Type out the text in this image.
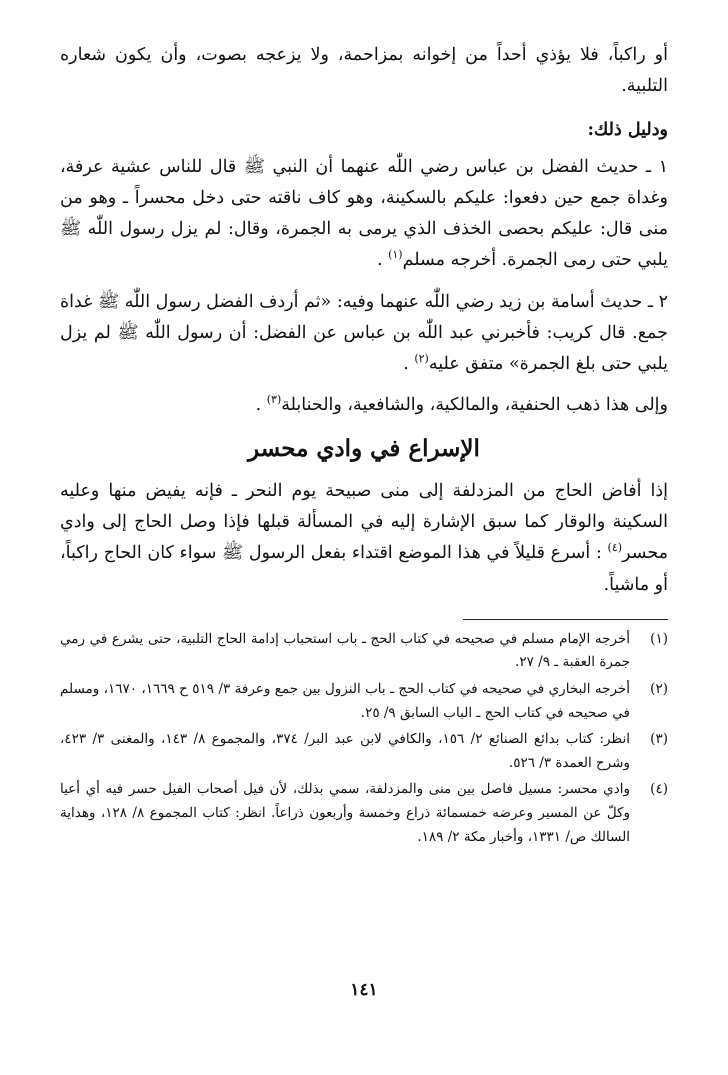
أو راكباً، فلا يؤذي أحداً من إخوانه بمزاحمة، ولا يزعجه بصوت، وأن يكون شعاره التلبية.

ودليل ذلك:

١ ـ حديث الفضل بن عباس رضي اللّٰه عنهما أن النبي ﷺ قال للناس عشية عرفة، وغداة جمع حين دفعوا: عليكم بالسكينة، وهو كاف ناقته حتى دخل محسراً ـ وهو من منى قال: عليكم بحصى الخذف الذي يرمى به الجمرة، وقال: لم يزل رسول اللّٰه ﷺ يلبي حتى رمى الجمرة. أخرجه مسلم$^{(١)}$ .

٢ ـ حديث أسامة بن زيد رضي اللّٰه عنهما وفيه: «ثم أردف الفضل رسول اللّٰه ﷺ غداة جمع. قال كريب: فأخبرني عبد اللّٰه بن عباس عن الفضل: أن رسول اللّٰه ﷺ لم يزل يلبي حتى بلغ الجمرة» متفق عليه$^{(٢)}$ .

وإلى هذا ذهب الحنفية، والمالكية، والشافعية، والحنابلة$^{(٣)}$ .

الإسراع في وادي محسر

إذا أفاض الحاج من المزدلفة إلى منى صبيحة يوم النحر ـ فإنه يفيض منها وعليه السكينة والوقار كما سبق الإشارة إليه في المسألة قبلها فإذا وصل الحاج إلى وادي محسر$^{(٤)}$ : أسرع قليلاً في هذا الموضع اقتداء بفعل الرسول ﷺ سواء كان الحاج راكباً، أو ماشياً.

(١)
أخرجه الإمام مسلم في صحيحه في كتاب الحج ـ باب استحباب إدامة الحاج التلبية، حتى يشرع في رمي جمرة العقبة ـ ٩/ ٢٧.
(٢)
أخرجه البخاري في صحيحه في كتاب الحج ـ باب النزول بين جمع وعرفة ٣/ ٥١٩ ح ١٦٦٩، ١٦٧٠، ومسلم في صحيحه في كتاب الحج ـ الباب السابق ٩/ ٢٥.
(٣)
انظر: كتاب بدائع الصنائع ٢/ ١٥٦، والكافي لابن عبد البر/ ٣٧٤، والمجموع ٨/ ١٤٣، والمغنى ٣/ ٤٢٣، وشرح العمدة ٣/ ٥٢٦.
(٤)
وادي محسر: مسيل فاصل بين منى والمزدلفة، سمي بذلك، لأن فيل أصحاب الفيل حسر فيه أي أعيا وكلّ عن المسير وعرضه خمسمائة ذراع وخمسة وأربعون ذراعاً. انظر: كتاب المجموع ٨/ ١٢٨، وهداية السالك ص/ ١٣٣١، وأخبار مكة ٢/ ١٨٩.
١٤١
